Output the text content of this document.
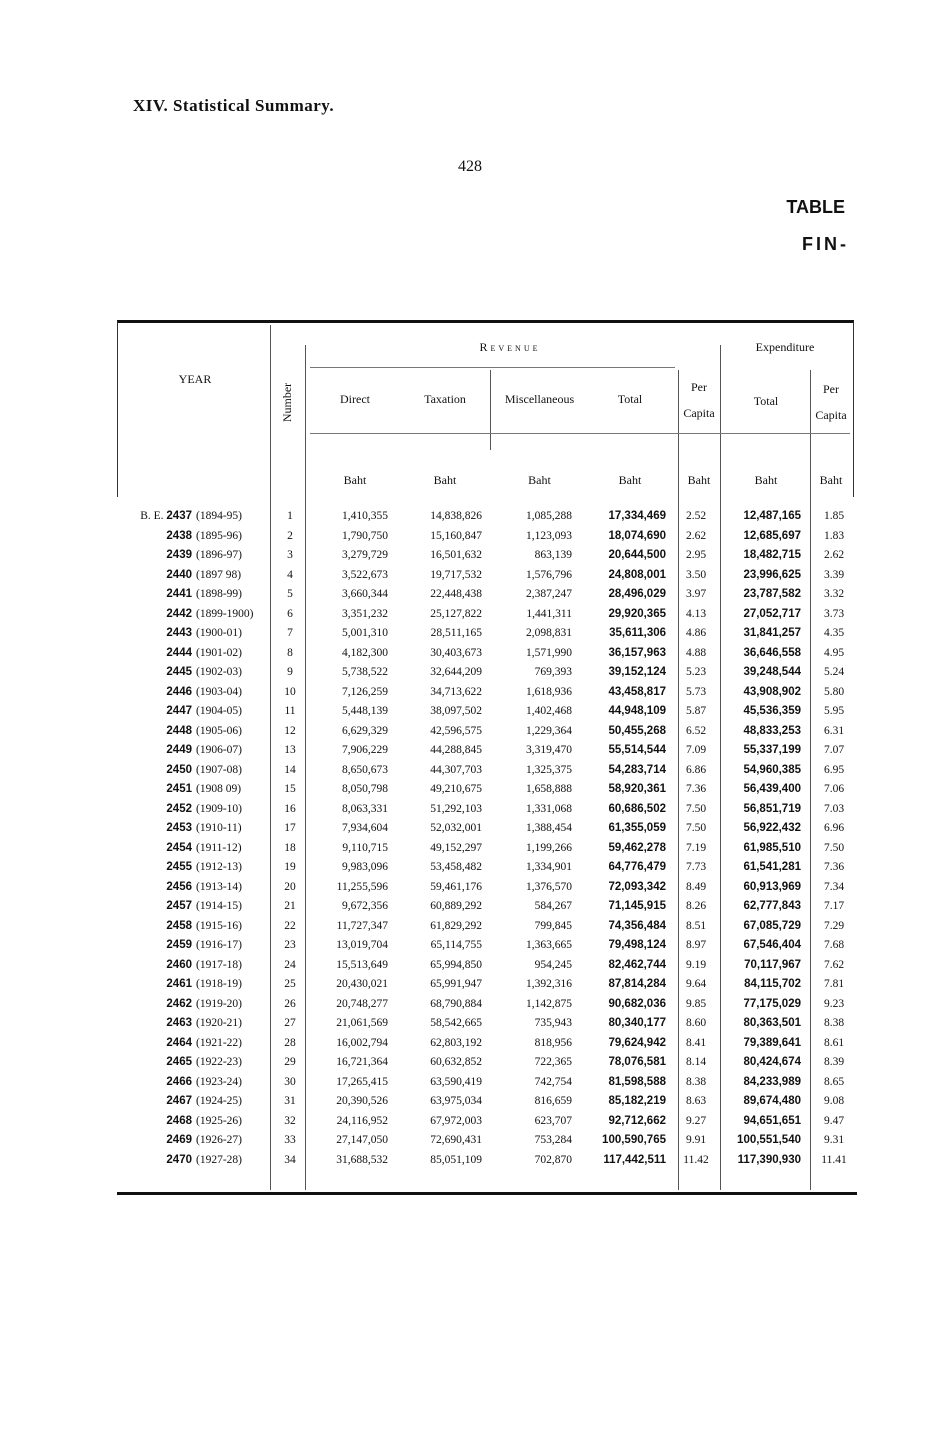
XIV. Statistical Summary.
428
TABLE
FIN-
YEAR
Number
Revenue
Direct	Taxation	Miscellaneous	Total
Per
Capita
Expenditure
Total
Per
Capita
Baht	Baht	Baht	Baht	Baht	Baht	Baht
B. E. 2437 (1894-95)	1	1,410,355	14,838,826	1,085,288	17,334,469	2.52	12,487,165	1.85
2438 (1895-96)	2	1,790,750	15,160,847	1,123,093	18,074,690	2.62	12,685,697	1.83
2439 (1896-97)	3	3,279,729	16,501,632	863,139	20,644,500	2.95	18,482,715	2.62
2440 (1897 98)	4	3,522,673	19,717,532	1,576,796	24,808,001	3.50	23,996,625	3.39
2441 (1898-99)	5	3,660,344	22,448,438	2,387,247	28,496,029	3.97	23,787,582	3.32
2442 (1899-1900)	6	3,351,232	25,127,822	1,441,311	29,920,365	4.13	27,052,717	3.73
2443 (1900-01)	7	5,001,310	28,511,165	2,098,831	35,611,306	4.86	31,841,257	4.35
2444 (1901-02)	8	4,182,300	30,403,673	1,571,990	36,157,963	4.88	36,646,558	4.95
2445 (1902-03)	9	5,738,522	32,644,209	769,393	39,152,124	5.23	39,248,544	5.24
2446 (1903-04)	10	7,126,259	34,713,622	1,618,936	43,458,817	5.73	43,908,902	5.80
2447 (1904-05)	11	5,448,139	38,097,502	1,402,468	44,948,109	5.87	45,536,359	5.95
2448 (1905-06)	12	6,629,329	42,596,575	1,229,364	50,455,268	6.52	48,833,253	6.31
2449 (1906-07)	13	7,906,229	44,288,845	3,319,470	55,514,544	7.09	55,337,199	7.07
2450 (1907-08)	14	8,650,673	44,307,703	1,325,375	54,283,714	6.86	54,960,385	6.95
2451 (1908 09)	15	8,050,798	49,210,675	1,658,888	58,920,361	7.36	56,439,400	7.06
2452 (1909-10)	16	8,063,331	51,292,103	1,331,068	60,686,502	7.50	56,851,719	7.03
2453 (1910-11)	17	7,934,604	52,032,001	1,388,454	61,355,059	7.50	56,922,432	6.96
2454 (1911-12)	18	9,110,715	49,152,297	1,199,266	59,462,278	7.19	61,985,510	7.50
2455 (1912-13)	19	9,983,096	53,458,482	1,334,901	64,776,479	7.73	61,541,281	7.36
2456 (1913-14)	20	11,255,596	59,461,176	1,376,570	72,093,342	8.49	60,913,969	7.34
2457 (1914-15)	21	9,672,356	60,889,292	584,267	71,145,915	8.26	62,777,843	7.17
2458 (1915-16)	22	11,727,347	61,829,292	799,845	74,356,484	8.51	67,085,729	7.29
2459 (1916-17)	23	13,019,704	65,114,755	1,363,665	79,498,124	8.97	67,546,404	7.68
2460 (1917-18)	24	15,513,649	65,994,850	954,245	82,462,744	9.19	70,117,967	7.62
2461 (1918-19)	25	20,430,021	65,991,947	1,392,316	87,814,284	9.64	84,115,702	7.81
2462 (1919-20)	26	20,748,277	68,790,884	1,142,875	90,682,036	9.85	77,175,029	9.23
2463 (1920-21)	27	21,061,569	58,542,665	735,943	80,340,177	8.60	80,363,501	8.38
2464 (1921-22)	28	16,002,794	62,803,192	818,956	79,624,942	8.41	79,389,641	8.61
2465 (1922-23)	29	16,721,364	60,632,852	722,365	78,076,581	8.14	80,424,674	8.39
2466 (1923-24)	30	17,265,415	63,590,419	742,754	81,598,588	8.38	84,233,989	8.65
2467 (1924-25)	31	20,390,526	63,975,034	816,659	85,182,219	8.63	89,674,480	9.08
2468 (1925-26)	32	24,116,952	67,972,003	623,707	92,712,662	9.27	94,651,651	9.47
2469 (1926-27)	33	27,147,050	72,690,431	753,284	100,590,765	9.91	100,551,540	9.31
2470 (1927-28)	34	31,688,532	85,051,109	702,870	117,442,511	11.42	117,390,930	11.41
